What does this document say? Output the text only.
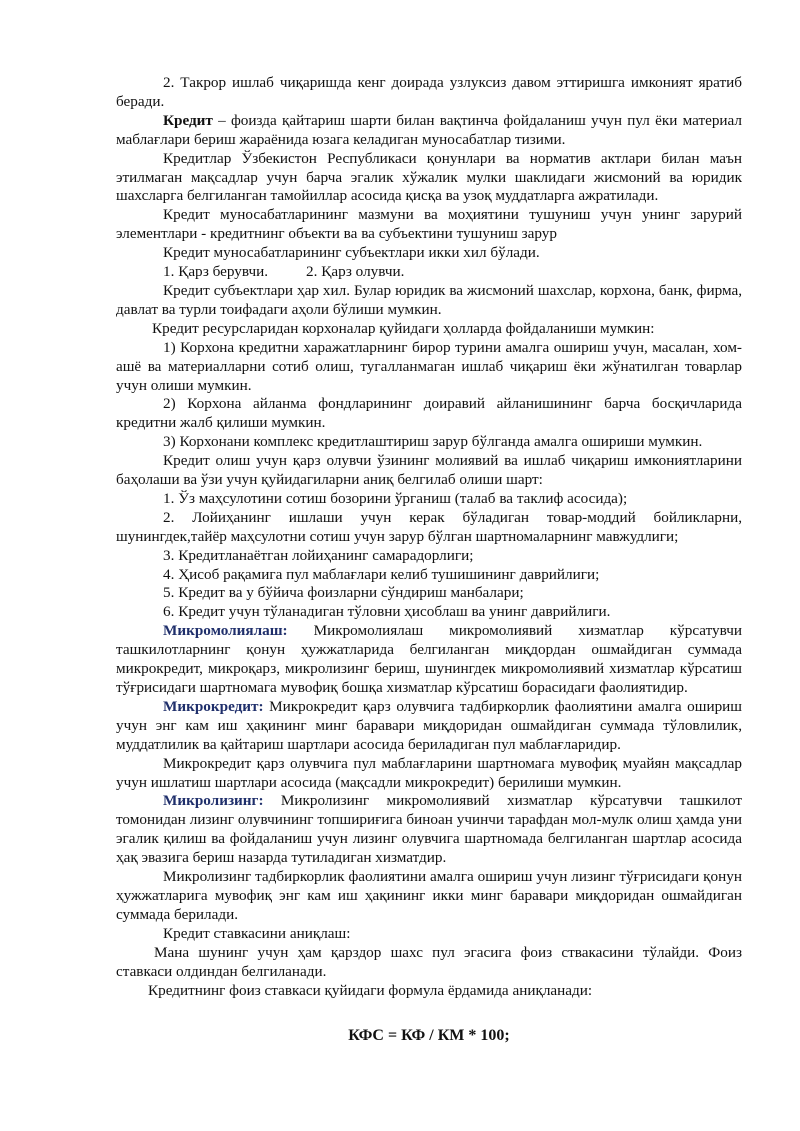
2. Такрор ишлаб чиқаришда кенг доирада узлуксиз давом эттиришга имконият яратиб беради.

Кредит – фоизда қайтариш шарти билан вақтинча фойдаланиш учун пул ёки материал маблағлари бериш жараёнида юзага келадиган муносабатлар тизими.

Кредитлар Ўзбекистон Республикаси қонунлари ва норматив актлари билан маън этилмаган мақсадлар учун барча эгалик хўжалик мулки шаклидаги жисмоний ва юридик шахсларга белгиланган тамойиллар асосида қисқа ва узоқ муддатларга ажратилади.

Кредит муносабатларининг мазмуни ва моҳиятини тушуниш учун унинг зарурий элементлари - кредитнинг объекти ва ва субъектини тушуниш зарур

Кредит муносабатларининг субъектлари икки хил бўлади.

1. Қарз берувчи.	2. Қарз олувчи.

Кредит субъектлари ҳар хил. Булар юридик ва жисмоний шахслар, корхона, банк, фирма, давлат ва турли тоифадаги аҳоли бўлиши мумкин.

Кредит ресурсларидан корхоналар қуйидаги ҳолларда фойдаланиши мумкин:

1) Корхона кредитни харажатларнинг бирор турини амалга ошириш учун, масалан, хом-ашё ва материалларни сотиб олиш, тугалланмаган ишлаб чиқариш ёки жўнатилган товарлар учун олиши мумкин.

2) Корхона айланма фондларининг доиравий айланишининг барча босқичларида кредитни жалб қилиши мумкин.

3) Корхонани комплекс кредитлаштириш зарур бўлганда амалга ошириши мумкин.

Кредит олиш учун қарз олувчи ўзининг молиявий ва ишлаб чиқариш имкониятларини баҳолаши ва ўзи учун қуйидагиларни аниқ белгилаб олиши шарт:

1. Ўз маҳсулотини сотиш бозорини ўрганиш (талаб ва таклиф асосида);

2. Лойиҳанинг ишлаши учун керак бўладиган товар-моддий бойликларни, шунингдек,тайёр маҳсулотни сотиш учун зарур бўлган шартномаларнинг мавжудлиги;

3. Кредитланаётган лойиҳанинг самарадорлиги;

4. Ҳисоб рақамига пул маблағлари келиб тушишининг даврийлиги;

5. Кредит ва у бўйича фоизларни сўндириш манбалари;

6. Кредит учун тўланадиган тўловни ҳисоблаш ва унинг даврийлиги.

Микромолиялаш: Микромолиялаш микромолиявий хизматлар кўрсатувчи ташкилотларнинг қонун ҳужжатларида белгиланган миқдордан ошмайдиган суммада микрокредит, микроқарз, микролизинг бериш, шунингдек микромолиявий хизматлар кўрсатиш тўғрисидаги шартномага мувофиқ бошқа хизматлар кўрсатиш борасидаги фаолиятидир.

Микрокредит: Микрокредит қарз олувчига тадбиркорлик фаолиятини амалга ошириш учун энг кам иш ҳақининг минг баравари миқдоридан ошмайдиган суммада тўловлилик, муддатлилик ва қайтариш шартлари асосида бериладиган пул маблағларидир.

Микрокредит қарз олувчига пул маблағларини шартномага мувофиқ муайян мақсадлар учун ишлатиш шартлари асосида (мақсадли микрокредит) берилиши мумкин.

Микролизинг: Микролизинг микромолиявий хизматлар кўрсатувчи ташкилот томонидан лизинг олувчининг топшириғига биноан учинчи тарафдан мол-мулк олиш ҳамда уни эгалик қилиш ва фойдаланиш учун лизинг олувчига шартномада белгиланган шартлар асосида ҳақ эвазига бериш назарда тутиладиган хизматдир.

Микролизинг тадбиркорлик фаолиятини амалга ошириш учун лизинг тўғрисидаги қонун ҳужжатларига мувофиқ энг кам иш ҳақининг икки минг баравари миқдоридан ошмайдиган суммада берилади.

Кредит ставкасини аниқлаш:

Мана шунинг учун ҳам қарздор шахс пул эгасига фоиз ствакасини тўлайди. Фоиз ставкаси олдиндан белгиланади.

Кредитнинг фоиз ставкаси қуйидаги формула ёрдамида аниқланади:

КФС = КФ / КМ * 100;
